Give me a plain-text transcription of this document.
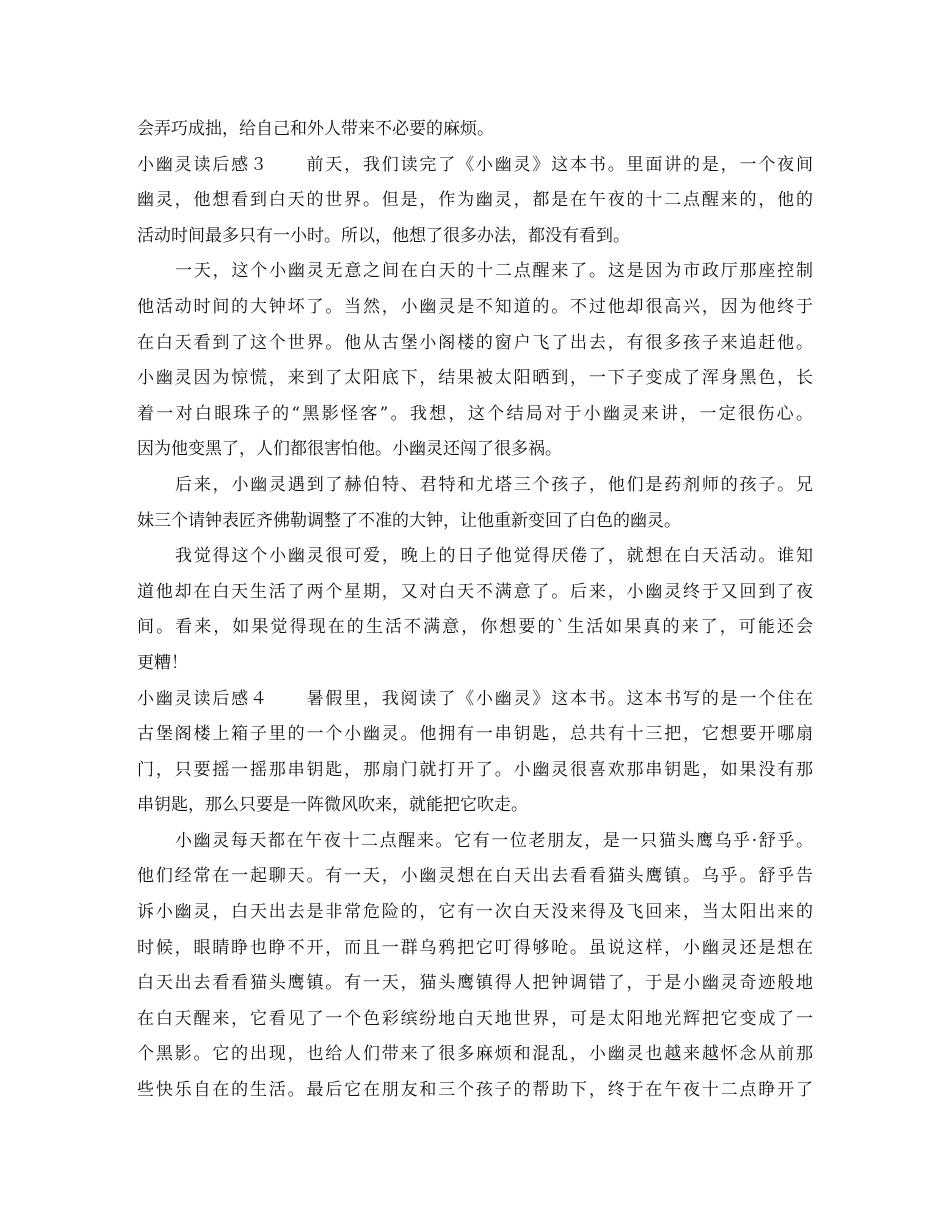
会弄巧成拙，给自己和外人带来不必要的麻烦。
小幽灵读后感３　　前天，我们读完了《小幽灵》这本书。里面讲的是，一个夜间
幽灵，他想看到白天的世界。但是，作为幽灵，都是在午夜的十二点醒来的，他的
活动时间最多只有一小时。所以，他想了很多办法，都没有看到。
一天，这个小幽灵无意之间在白天的十二点醒来了。这是因为市政厅那座控制
他活动时间的大钟坏了。当然，小幽灵是不知道的。不过他却很高兴，因为他终于
在白天看到了这个世界。他从古堡小阁楼的窗户飞了出去，有很多孩子来追赶他。
小幽灵因为惊慌，来到了太阳底下，结果被太阳晒到，一下子变成了浑身黑色，长
着一对白眼珠子的“黑影怪客”。我想，这个结局对于小幽灵来讲，一定很伤心。
因为他变黑了，人们都很害怕他。小幽灵还闯了很多祸。
后来，小幽灵遇到了赫伯特、君特和尤塔三个孩子，他们是药剂师的孩子。兄
妹三个请钟表匠齐佛勒调整了不准的大钟，让他重新变回了白色的幽灵。
我觉得这个小幽灵很可爱，晚上的日子他觉得厌倦了，就想在白天活动。谁知
道他却在白天生活了两个星期，又对白天不满意了。后来，小幽灵终于又回到了夜
间。看来，如果觉得现在的生活不满意，你想要的`生活如果真的来了，可能还会
更糟！
小幽灵读后感４　　暑假里，我阅读了《小幽灵》这本书。这本书写的是一个住在
古堡阁楼上箱子里的一个小幽灵。他拥有一串钥匙，总共有十三把，它想要开哪扇
门，只要摇一摇那串钥匙，那扇门就打开了。小幽灵很喜欢那串钥匙，如果没有那
串钥匙，那么只要是一阵微风吹来，就能把它吹走。
小幽灵每天都在午夜十二点醒来。它有一位老朋友，是一只猫头鹰乌乎·舒乎。
他们经常在一起聊天。有一天，小幽灵想在白天出去看看猫头鹰镇。乌乎。舒乎告
诉小幽灵，白天出去是非常危险的，它有一次白天没来得及飞回来，当太阳出来的
时候，眼睛睁也睁不开，而且一群乌鸦把它叮得够呛。虽说这样，小幽灵还是想在
白天出去看看猫头鹰镇。有一天，猫头鹰镇得人把钟调错了，于是小幽灵奇迹般地
在白天醒来，它看见了一个色彩缤纷地白天地世界，可是太阳地光辉把它变成了一
个黑影。它的出现，也给人们带来了很多麻烦和混乱，小幽灵也越来越怀念从前那
些快乐自在的生活。最后它在朋友和三个孩子的帮助下，终于在午夜十二点睁开了
